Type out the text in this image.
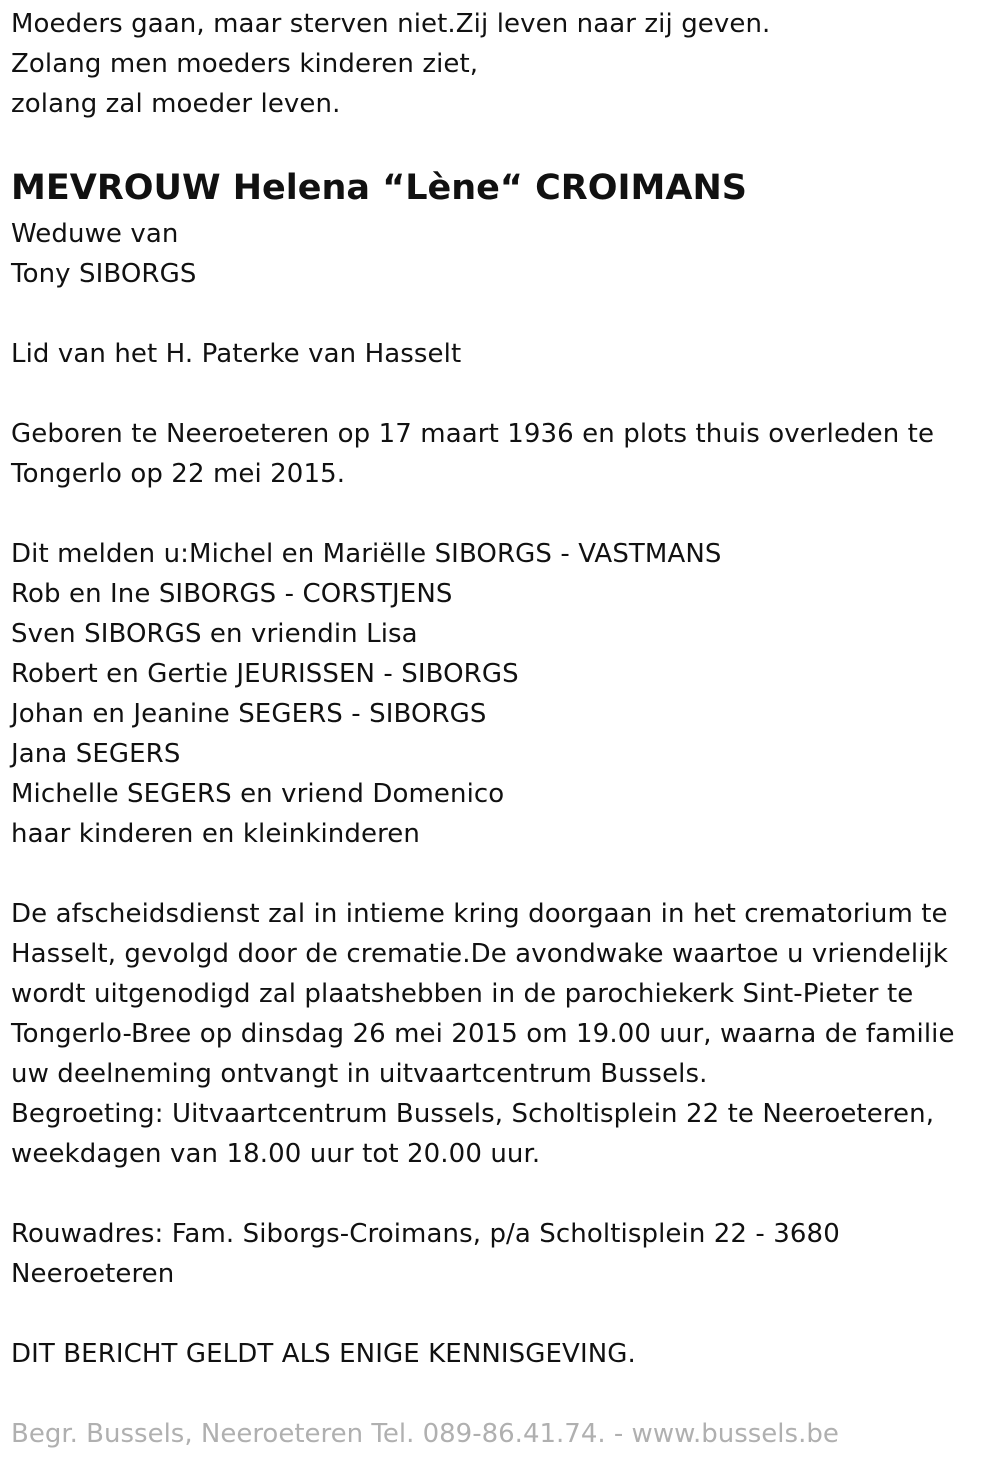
Moeders gaan, maar sterven niet.Zij leven naar zij geven.
Zolang men moeders kinderen ziet,
zolang zal moeder leven.
MEVROUW Helena “Lène“ CROIMANS
Weduwe van
Tony SIBORGS
Lid van het H. Paterke van Hasselt
Geboren te Neeroeteren op 17 maart 1936 en plots thuis overleden te
Tongerlo op 22 mei 2015.
Dit melden u:Michel en Mariëlle SIBORGS - VASTMANS
Rob en Ine SIBORGS - CORSTJENS
Sven SIBORGS en vriendin Lisa
Robert en Gertie JEURISSEN - SIBORGS
Johan en Jeanine SEGERS - SIBORGS
Jana SEGERS
Michelle SEGERS en vriend Domenico
haar kinderen en kleinkinderen
De afscheidsdienst zal in intieme kring doorgaan in het crematorium te
Hasselt, gevolgd door de crematie.De avondwake waartoe u vriendelijk
wordt uitgenodigd zal plaatshebben in de parochiekerk Sint-Pieter te
Tongerlo-Bree op dinsdag 26 mei 2015 om 19.00 uur, waarna de familie
uw deelneming ontvangt in uitvaartcentrum Bussels.
Begroeting: Uitvaartcentrum Bussels, Scholtisplein 22 te Neeroeteren,
weekdagen van 18.00 uur tot 20.00 uur.
Rouwadres: Fam. Siborgs-Croimans, p/a Scholtisplein 22 - 3680
Neeroeteren
DIT BERICHT GELDT ALS ENIGE KENNISGEVING.
Begr. Bussels, Neeroeteren Tel. 089-86.41.74. - www.bussels.be
